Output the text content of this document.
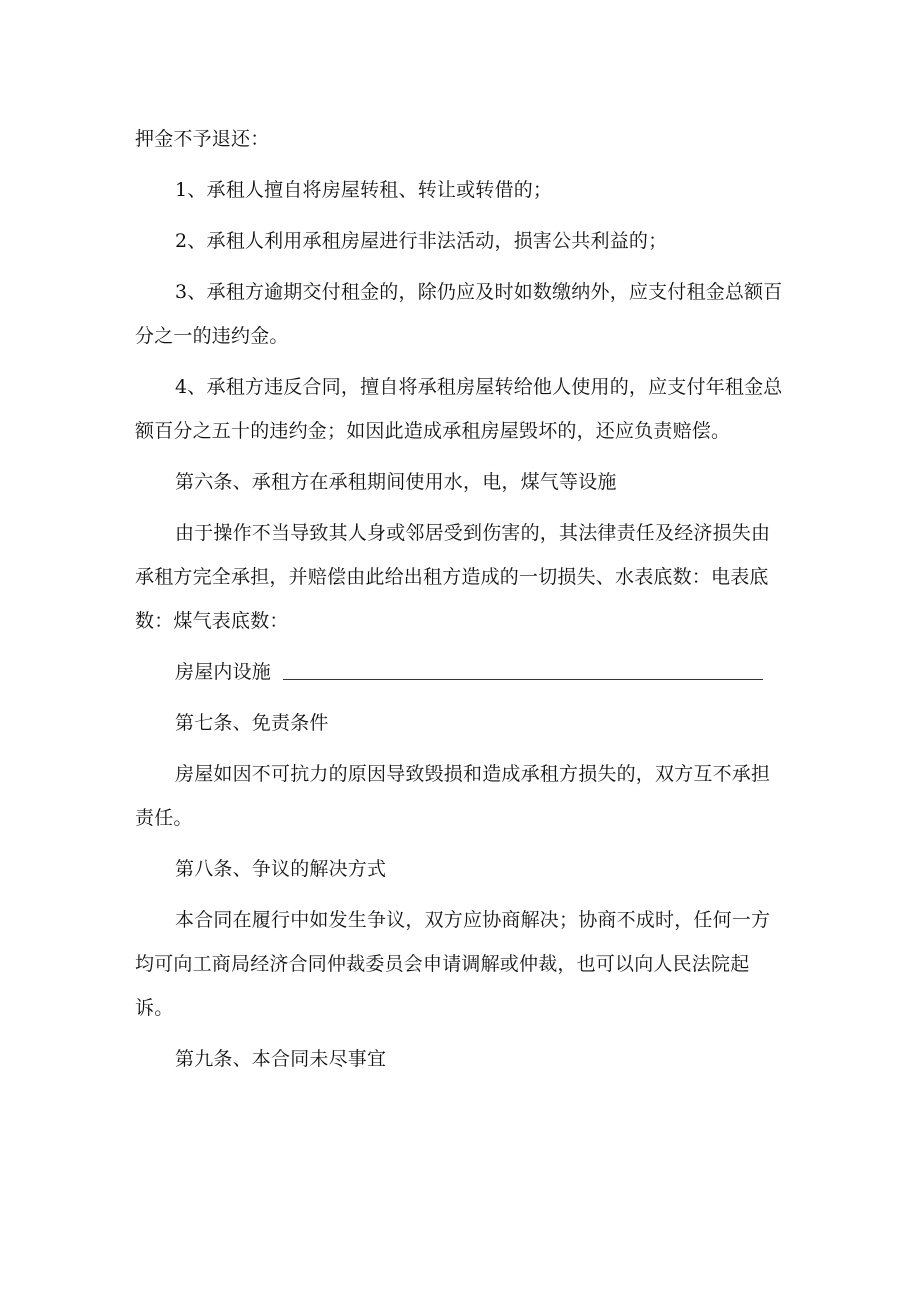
押金不予退还：

1、承租人擅自将房屋转租、转让或转借的；

2、承租人利用承租房屋进行非法活动，损害公共利益的；

3、承租方逾期交付租金的，除仍应及时如数缴纳外，应支付租金总额百分之一的违约金。

4、承租方违反合同，擅自将承租房屋转给他人使用的，应支付年租金总额百分之五十的违约金；如因此造成承租房屋毁坏的，还应负责赔偿。

第六条、承租方在承租期间使用水，电，煤气等设施

由于操作不当导致其人身或邻居受到伤害的，其法律责任及经济损失由承租方完全承担，并赔偿由此给出租方造成的一切损失、水表底数：电表底数：煤气表底数：

房屋内设施

第七条、免责条件

房屋如因不可抗力的原因导致毁损和造成承租方损失的，双方互不承担责任。

第八条、争议的解决方式

本合同在履行中如发生争议，双方应协商解决；协商不成时，任何一方均可向工商局经济合同仲裁委员会申请调解或仲裁，也可以向人民法院起诉。

第九条、本合同未尽事宜
